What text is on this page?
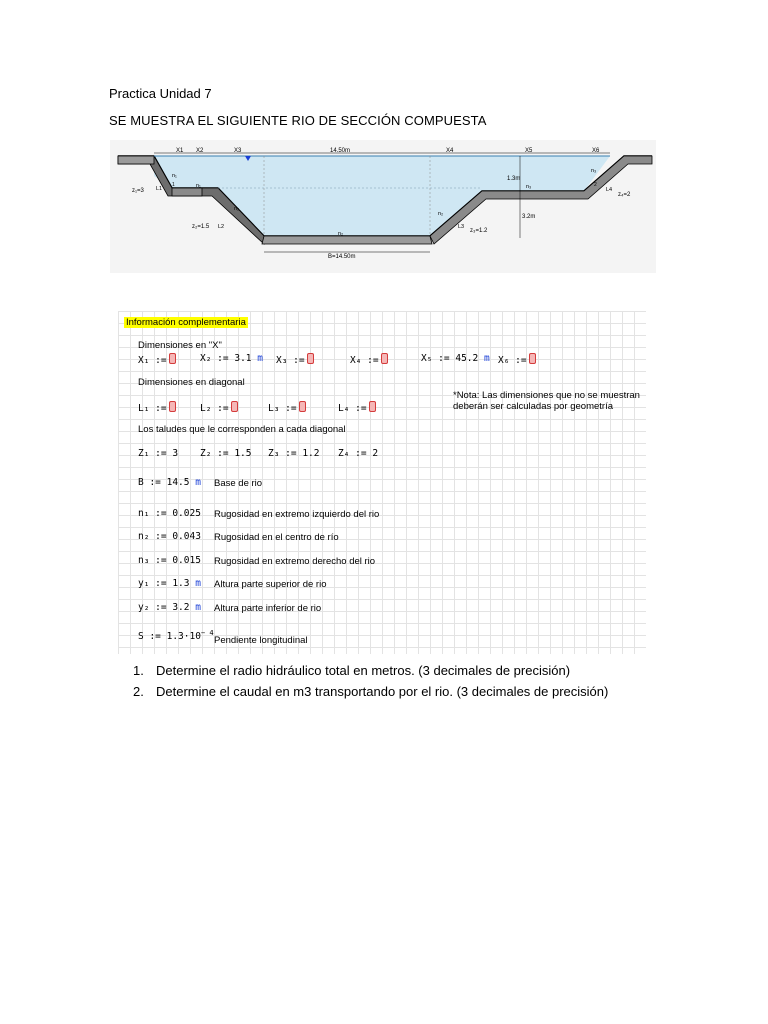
Practica Unidad 7
SE MUESTRA EL SIGUIENTE RIO DE SECCIÓN COMPUESTA
X1 X2	X3	14.50m	X4	X5	X6
1.3m
3.2m
z₁=3
z₂=1.5
z₃=1.2
z₄=2
L1
L2	L3
L4
n₁
n₁
n₂
n₂
n₂
n₃
n₃
1	2
B=14.50m
Información complementaria
Dimensiones en "X"
X₁ :=	X₂ := 3.1 m X₃ :=	X₄ :=	X₅ := 45.2 m X₆ :=
Dimensiones en diagonal
L₁ :=	L₂ :=	L₃ :=	L₄ :=
*Nota: Las dimensiones que no se muestran
deberán ser calculadas por geometría
Los taludes que le corresponden a cada diagonal
Z₁ := 3 Z₂ := 1.5 Z₃ := 1.2 Z₄ := 2
B := 14.5 m Base de rio
n₁ := 0.025 Rugosidad en extremo izquierdo del rio
n₂ := 0.043 Rugosidad en el centro de río
n₃ := 0.015 Rugosidad en extremo derecho del rio
y₁ := 1.3 m Altura parte superior de rio
y₂ := 3.2 m Altura parte inferior de rio
S := $1.3\cdot 10^{- 4}$
Pendiente longitudinal
1. Determine el radio hidráulico total en metros. (3 decimales de precisión)
2. Determine el caudal en m3 transportando por el rio. (3 decimales de precisión)
